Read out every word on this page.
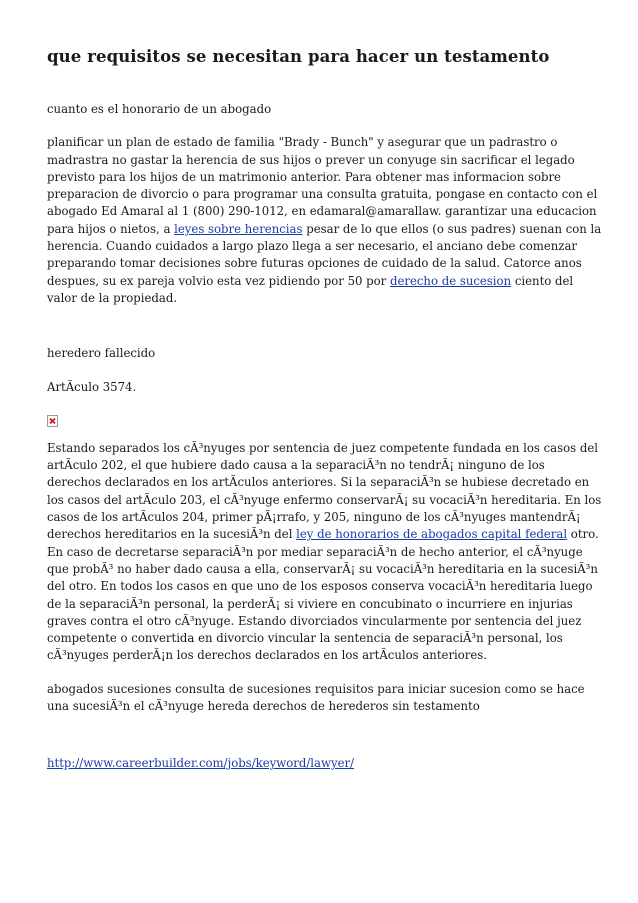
que requisitos se necesitan para hacer un testamento

cuanto es el honorario de un abogado

planificar un plan de estado de familia "Brady - Bunch" y asegurar que un padrastro o madrastra no gastar la herencia de sus hijos o prever un conyuge sin sacrificar el legado previsto para los hijos de un matrimonio anterior. Para obtener mas informacion sobre preparacion de divorcio o para programar una consulta gratuita, pongase en contacto con el abogado Ed Amaral al 1 (800) 290-1012, en edamaral@amarallaw. garantizar una educacion para hijos o nietos, a leyes sobre herencias pesar de lo que ellos (o sus padres) suenan con la herencia. Cuando cuidados a largo plazo llega a ser necesario, el anciano debe comenzar preparando tomar decisiones sobre futuras opciones de cuidado de la salud. Catorce anos despues, su ex pareja volvio esta vez pidiendo por 50 por derecho de sucesion ciento del valor de la propiedad.

heredero fallecido

ArtÃculo 3574.

Estando separados los cÃ³nyuges por sentencia de juez competente fundada en los casos del artÃculo 202, el que hubiere dado causa a la separaciÃ³n no tendrÃ¡ ninguno de los derechos declarados en los artÃculos anteriores. Si la separaciÃ³n se hubiese decretado en los casos del artÃculo 203, el cÃ³nyuge enfermo conservarÃ¡ su vocaciÃ³n hereditaria. En los casos de los artÃculos 204, primer pÃ¡rrafo, y 205, ninguno de los cÃ³nyuges mantendrÃ¡ derechos hereditarios en la sucesiÃ³n del ley de honorarios de abogados capital federal otro. En caso de decretarse separaciÃ³n por mediar separaciÃ³n de hecho anterior, el cÃ³nyuge que probÃ³ no haber dado causa a ella, conservarÃ¡ su vocaciÃ³n hereditaria en la sucesiÃ³n del otro. En todos los casos en que uno de los esposos conserva vocaciÃ³n hereditaria luego de la separaciÃ³n personal, la perderÃ¡ si viviere en concubinato o incurriere en injurias graves contra el otro cÃ³nyuge. Estando divorciados vincularmente por sentencia del juez competente o convertida en divorcio vincular la sentencia de separaciÃ³n personal, los cÃ³nyuges perderÃ¡n los derechos declarados en los artÃculos anteriores.

abogados sucesiones consulta de sucesiones requisitos para iniciar sucesion como se hace una sucesiÃ³n el cÃ³nyuge hereda derechos de herederos sin testamento

http://www.careerbuilder.com/jobs/keyword/lawyer/
